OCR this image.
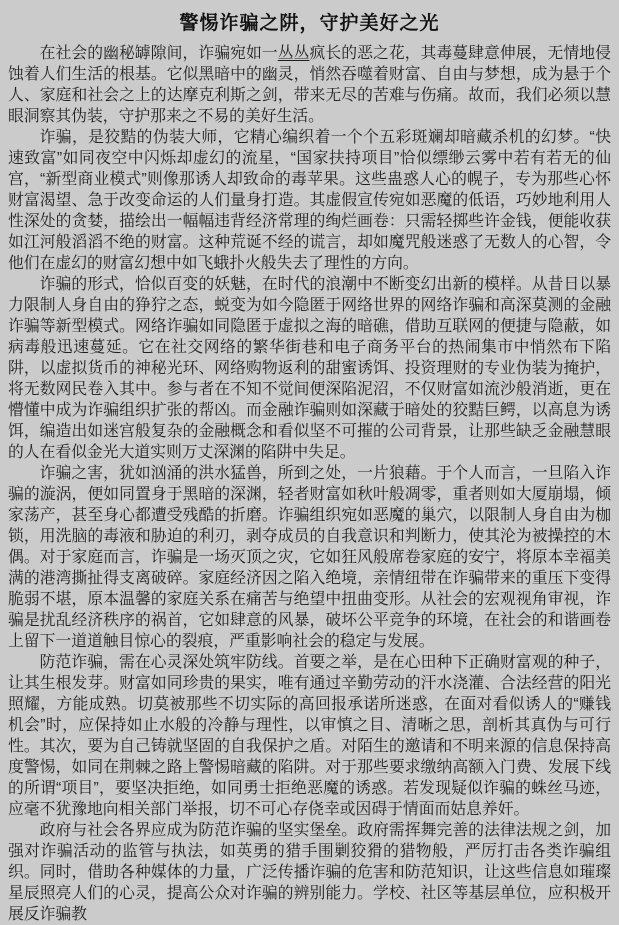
警惕诈骗之阱，守护美好之光

在社会的幽秘罅隙间，诈骗宛如一丛丛疯长的恶之花，其毒蔓肆意伸展，无情地侵蚀着人们生活的根基。它似黑暗中的幽灵，悄然吞噬着财富、自由与梦想，成为悬于个人、家庭和社会之上的达摩克利斯之剑，带来无尽的苦难与伤痛。故而，我们必须以慧眼洞察其伪装，守护那来之不易的美好生活。

诈骗，是狡黠的伪装大师，它精心编织着一个个五彩斑斓却暗藏杀机的幻梦。“快速致富”如同夜空中闪烁却虚幻的流星，“国家扶持项目”恰似缥缈云雾中若有若无的仙宫，“新型商业模式”则像那诱人却致命的毒苹果。这些蛊惑人心的幌子，专为那些心怀财富渴望、急于改变命运的人们量身打造。其虚假宣传宛如恶魔的低语，巧妙地利用人性深处的贪婪，描绘出一幅幅违背经济常理的绚烂画卷：只需轻掷些许金钱，便能收获如江河般滔滔不绝的财富。这种荒诞不经的谎言，却如魔咒般迷惑了无数人的心智，令他们在虚幻的财富幻想中如飞蛾扑火般失去了理性的方向。

诈骗的形式，恰似百变的妖魅，在时代的浪潮中不断变幻出新的模样。从昔日以暴力限制人身自由的狰狞之态，蜕变为如今隐匿于网络世界的网络诈骗和高深莫测的金融诈骗等新型模式。网络诈骗如同隐匿于虚拟之海的暗礁，借助互联网的便捷与隐蔽，如病毒般迅速蔓延。它在社交网络的繁华街巷和电子商务平台的热闹集市中悄然布下陷阱，以虚拟货币的神秘光环、网络购物返利的甜蜜诱饵、投资理财的专业伪装为掩护，将无数网民卷入其中。参与者在不知不觉间便深陷泥沼，不仅财富如流沙般消逝，更在懵懂中成为诈骗组织扩张的帮凶。而金融诈骗则如深藏于暗处的狡黠巨鳄，以高息为诱饵，编造出如迷宫般复杂的金融概念和看似坚不可摧的公司背景，让那些缺乏金融慧眼的人在看似金光大道实则万丈深渊的陷阱中失足。

诈骗之害，犹如汹涌的洪水猛兽，所到之处，一片狼藉。于个人而言，一旦陷入诈骗的漩涡，便如同置身于黑暗的深渊，轻者财富如秋叶般凋零，重者则如大厦崩塌，倾家荡产，甚至身心都遭受残酷的折磨。诈骗组织宛如恶魔的巢穴，以限制人身自由为枷锁，用洗脑的毒液和胁迫的利刃，剥夺成员的自我意识和判断力，使其沦为被操控的木偶。对于家庭而言，诈骗是一场灭顶之灾，它如狂风般席卷家庭的安宁，将原本幸福美满的港湾撕扯得支离破碎。家庭经济因之陷入绝境，亲情纽带在诈骗带来的重压下变得脆弱不堪，原本温馨的家庭关系在痛苦与绝望中扭曲变形。从社会的宏观视角审视，诈骗是扰乱经济秩序的祸首，它如肆意的风暴，破坏公平竞争的环境，在社会的和谐画卷上留下一道道触目惊心的裂痕，严重影响社会的稳定与发展。

防范诈骗，需在心灵深处筑牢防线。首要之举，是在心田种下正确财富观的种子，让其生根发芽。财富如同珍贵的果实，唯有通过辛勤劳动的汗水浇灌、合法经营的阳光照耀，方能成熟。切莫被那些不切实际的高回报承诺所迷惑，在面对看似诱人的“赚钱机会”时，应保持如止水般的冷静与理性，以审慎之目、清晰之思，剖析其真伪与可行性。其次，要为自己铸就坚固的自我保护之盾。对陌生的邀请和不明来源的信息保持高度警惕，如同在荆棘之路上警惕暗藏的陷阱。对于那些要求缴纳高额入门费、发展下线的所谓“项目”，要坚决拒绝，如同勇士拒绝恶魔的诱惑。若发现疑似诈骗的蛛丝马迹，应毫不犹豫地向相关部门举报，切不可心存侥幸或因碍于情面而姑息养奸。

政府与社会各界应成为防范诈骗的坚实堡垒。政府需挥舞完善的法律法规之剑，加强对诈骗活动的监管与执法，如英勇的猎手围剿狡猾的猎物般，严厉打击各类诈骗组织。同时，借助各种媒体的力量，广泛传播诈骗的危害和防范知识，让这些信息如璀璨星辰照亮人们的心灵，提高公众对诈骗的辨别能力。学校、社区等基层单位，应积极开展反诈骗教
